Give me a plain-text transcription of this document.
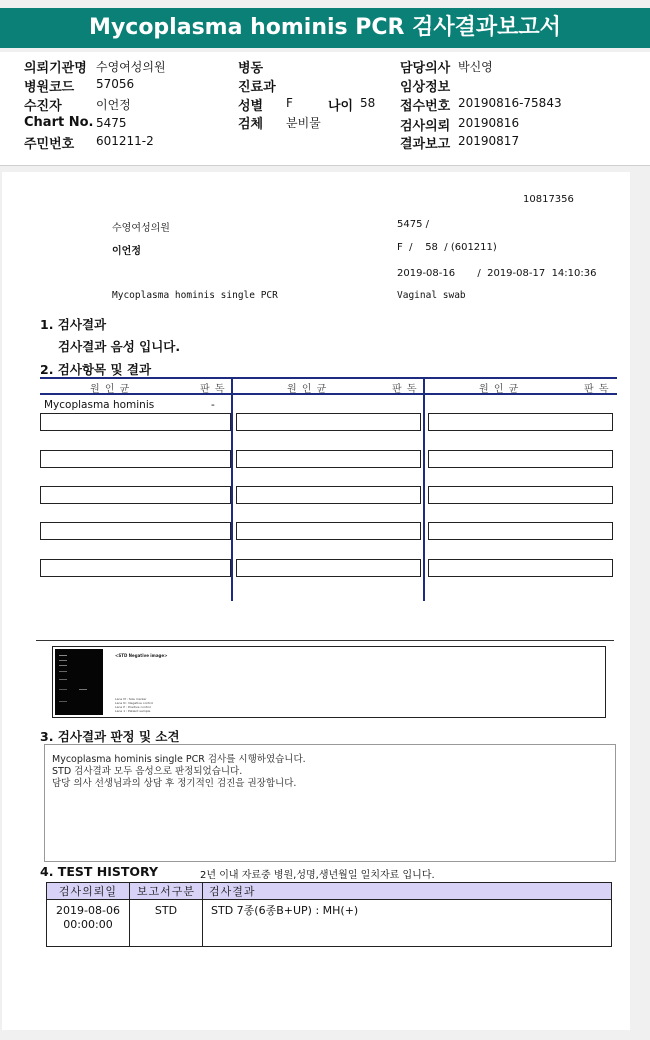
Mycoplasma hominis PCR 검사결과보고서
의뢰기관명 수영여성의원	병동	담당의사 박신영
병원코드 57056	진료과	임상정보
수진자	이언정	성별 F	나이 58 접수번호 20190816-75843
Chart No. 5475	검체 분비물	검사의뢰 20190816
주민번호 601211-2	결과보고 20190817
10817356
수영여성의원	5475 /
이언정	F  /    58  / (601211)
2019-08-16       /  2019-08-17  14:10:36
Mycoplasma hominis single PCR	Vaginal swab
1. 검사결과
검사결과 음성 입니다.
2. 검사항목 및 결과
원 인 균	판 독	원 인 균	판 독	원 인 균	판 독
Mycoplasma hominis	-
<STD Negative image>
Lane M : Size marker
Lane N : Negative control
Lane P : Positive control
Lane 1 : Patient sample
3. 검사결과 판정 및 소견
Mycoplasma hominis single PCR 검사를 시행하였습니다.
STD 검사결과 모두 음성으로 판정되었습니다.
담당 의사 선생님과의 상담 후 정기적인 검진을 권장합니다.
4. TEST HISTORY	2년 이내 자료중 병원,성명,생년월일 일치자료 입니다.
검사의뢰일	보고서구분	검사결과
2019-08-06
00:00:00	STD	STD 7종(6종B+UP) : MH(+)
